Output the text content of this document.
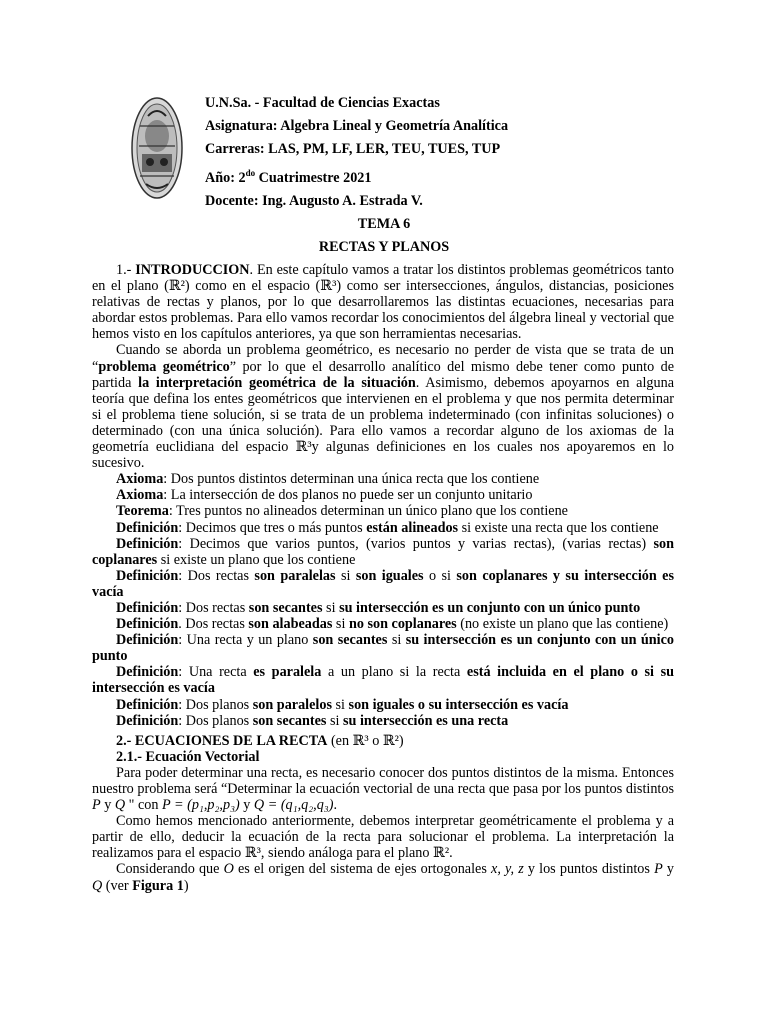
U.N.Sa. - Facultad de Ciencias Exactas
Asignatura: Algebra Lineal y Geometría Analítica
Carreras: LAS, PM, LF, LER, TEU, TUES, TUP
Año: $2^{do}$ Cuatrimestre 2021
Docente: Ing. Augusto A. Estrada V.
TEMA 6
RECTAS Y PLANOS

1.- INTRODUCCION. En este capítulo vamos a tratar los distintos problemas geométricos tanto en el plano (ℝ²) como en el espacio (ℝ³) como ser intersecciones, ángulos, distancias, posiciones relativas de rectas y planos, por lo que desarrollaremos las distintas ecuaciones, necesarias para abordar estos problemas. Para ello vamos recordar los conocimientos del álgebra lineal y vectorial que hemos visto en los capítulos anteriores, ya que son herramientas necesarias.

Cuando se aborda un problema geométrico, es necesario no perder de vista que se trata de un “problema geométrico” por lo que el desarrollo analítico del mismo debe tener como punto de partida la interpretación geométrica de la situación. Asimismo, debemos apoyarnos en alguna teoría que defina los entes geométricos que intervienen en el problema y que nos permita determinar si el problema tiene solución, si se trata de un problema indeterminado (con infinitas soluciones) o determinado (con una única solución). Para ello vamos a recordar alguno de los axiomas de la geometría euclidiana del espacio ℝ³y algunas definiciones en los cuales nos apoyaremos en lo sucesivo.

Axioma: Dos puntos distintos determinan una única recta que los contiene

Axioma: La intersección de dos planos no puede ser un conjunto unitario

Teorema: Tres puntos no alineados determinan un único plano que los contiene

Definición: Decimos que tres o más puntos están alineados si existe una recta que los contiene

Definición: Decimos que varios puntos, (varios puntos y varias rectas), (varias rectas) son coplanares si existe un plano que los contiene

Definición: Dos rectas son paralelas si son iguales o si son coplanares y su intersección es vacía

Definición: Dos rectas son secantes si su intersección es un conjunto con un único punto

Definición. Dos rectas son alabeadas si no son coplanares (no existe un plano que las contiene)

Definición: Una recta y un plano son secantes si su intersección es un conjunto con un único punto

Definición: Una recta es paralela a un plano si la recta está incluida en el plano o si su intersección es vacía

Definición: Dos planos son paralelos si son iguales o su intersección es vacía

Definición: Dos planos son secantes si su intersección es una recta

2.- ECUACIONES DE LA RECTA (en ℝ³ o ℝ²)

2.1.- Ecuación Vectorial

Para poder determinar una recta, es necesario conocer dos puntos distintos de la misma. Entonces nuestro problema será “Determinar la ecuación vectorial de una recta que pasa por los puntos distintos P y Q " con P = (p₁,p₂,p₃) y Q = (q₁,q₂,q₃).

Como hemos mencionado anteriormente, debemos interpretar geométricamente el problema y a partir de ello, deducir la ecuación de la recta para solucionar el problema. La interpretación la realizamos para el espacio ℝ³, siendo análoga para el plano ℝ².

Considerando que O es el origen del sistema de ejes ortogonales x, y, z y los puntos distintos P y Q (ver Figura 1)
